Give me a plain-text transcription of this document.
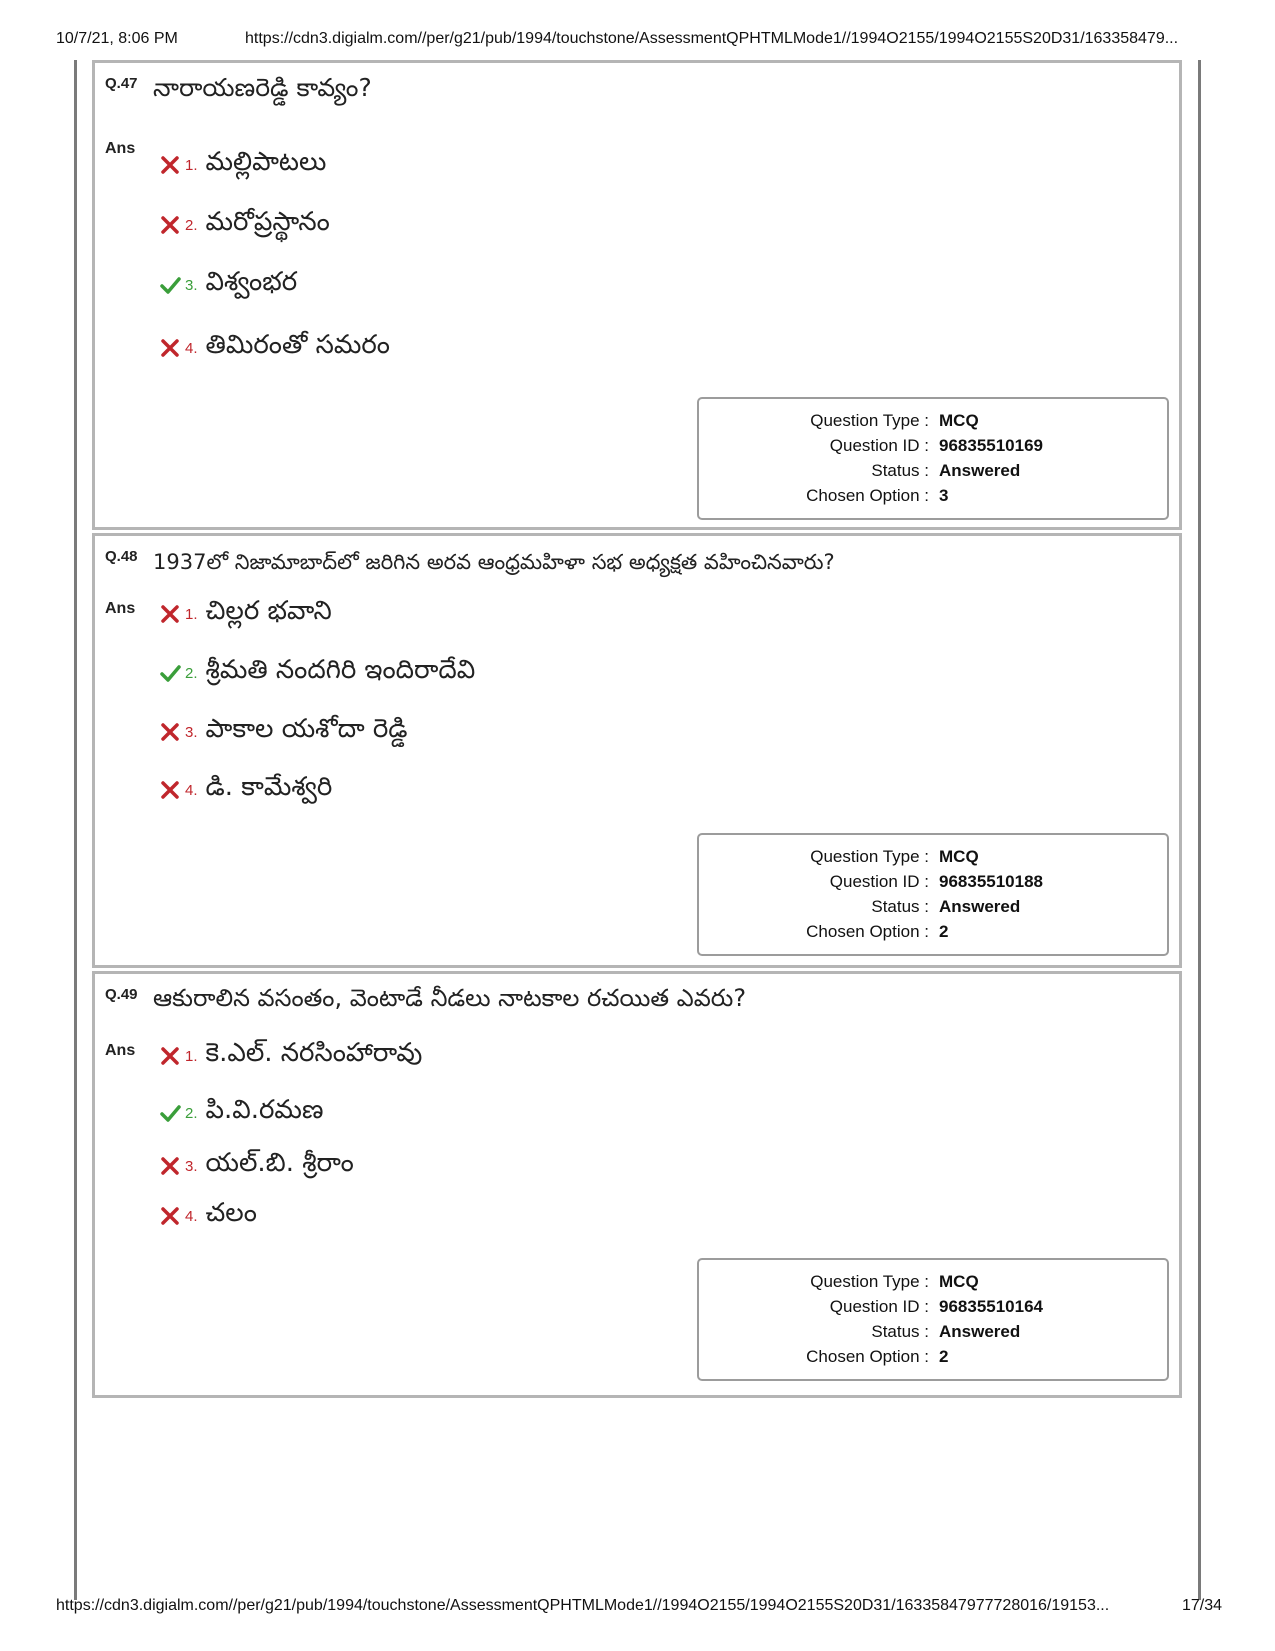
10/7/21, 8:06 PM	https://cdn3.digialm.com//per/g21/pub/1994/touchstone/AssessmentQPHTMLMode1//1994O2155/1994O2155S20D31/163358479...
Q.47 నారాయణరెడ్డి కావ్యం?
Ans
1. మల్లిపాటలు
2. మరోప్రస్థానం
3. విశ్వంభర
4. తిమిరంతో సమరం
Question Type : MCQ
Question ID : 96835510169
Status : Answered
Chosen Option : 3
Q.48 1937లో నిజామాబాద్‌లో జరిగిన అరవ ఆంధ్రమహిళా సభ అధ్యక్షత వహించినవారు?
Ans	1. చిల్లర భవాని
2. శ్రీమతి నందగిరి ఇందిరాదేవి
3. పాకాల యశోదా రెడ్డి
4. డి. కామేశ్వరి
Question Type : MCQ
Question ID : 96835510188
Status : Answered
Chosen Option : 2
Q.49 ఆకురాలిన వసంతం, వెంటాడే నీడలు నాటకాల రచయిత ఎవరు?
Ans	1. కె.ఎల్. నరసింహారావు
2. పి.వి.రమణ
3. యల్.బి. శ్రీరాం
4. చలం
Question Type : MCQ
Question ID : 96835510164
Status : Answered
Chosen Option : 2
https://cdn3.digialm.com//per/g21/pub/1994/touchstone/AssessmentQPHTMLMode1//1994O2155/1994O2155S20D31/16335847977728016/19153...	17/34
